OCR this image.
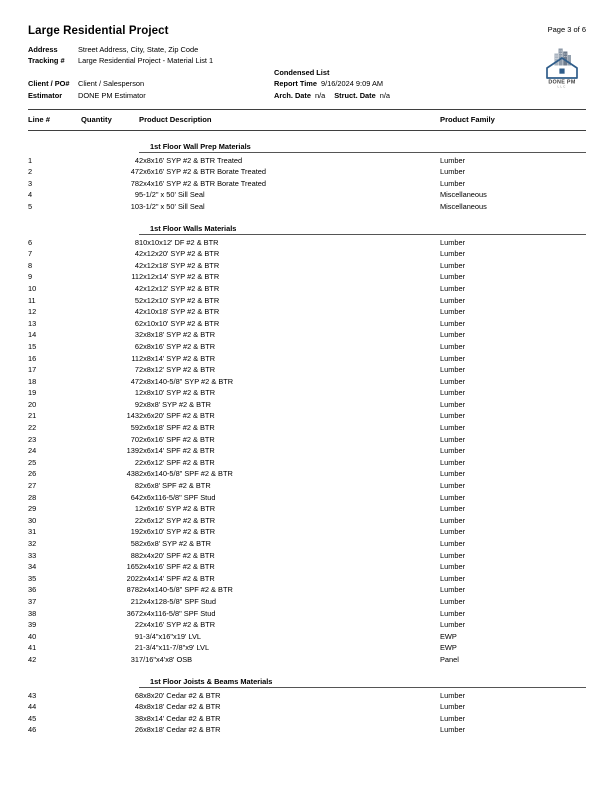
Page 3 of 6
Large Residential Project
DONE PM
LLC
Address	Street Address, City, State, Zip Code
Tracking #	Large Residential Project - Material List 1
Client / PO#	Client / Salesperson
Estimator	DONE PM Estimator
Condensed List
Report Time 9/16/2024 9:09 AM
Arch. Date n/a Struct. Date n/a
Line #	Quantity	Product Description	Product Family

		1st Floor Wall Prep Materials	

1	4	2x8x16' SYP #2 & BTR Treated	Lumber
2	47	2x6x16' SYP #2 & BTR Borate Treated	Lumber
3	78	2x4x16' SYP #2 & BTR Borate Treated	Lumber
4	9	5-1/2" x 50' Sill Seal	Miscellaneous
5	10	3-1/2" x 50' Sill Seal	Miscellaneous

		1st Floor Walls Materials	

6	8	10x10x12' DF #2 & BTR	Lumber
7	4	2x12x20' SYP #2 & BTR	Lumber
8	4	2x12x18' SYP #2 & BTR	Lumber
9	11	2x12x14' SYP #2 & BTR	Lumber
10	4	2x12x12' SYP #2 & BTR	Lumber
11	5	2x12x10' SYP #2 & BTR	Lumber
12	4	2x10x18' SYP #2 & BTR	Lumber
13	6	2x10x10' SYP #2 & BTR	Lumber
14	3	2x8x18' SYP #2 & BTR	Lumber
15	6	2x8x16' SYP #2 & BTR	Lumber
16	11	2x8x14' SYP #2 & BTR	Lumber
17	7	2x8x12' SYP #2 & BTR	Lumber
18	47	2x8x140-5/8" SYP #2 & BTR	Lumber
19	1	2x8x10' SYP #2 & BTR	Lumber
20	9	2x8x8' SYP #2 & BTR	Lumber
21	143	2x6x20' SPF #2 & BTR	Lumber
22	59	2x6x18' SPF #2 & BTR	Lumber
23	70	2x6x16' SPF #2 & BTR	Lumber
24	139	2x6x14' SPF #2 & BTR	Lumber
25	2	2x6x12' SPF #2 & BTR	Lumber
26	438	2x6x140-5/8" SPF #2 & BTR	Lumber
27	8	2x6x8' SPF #2 & BTR	Lumber
28	64	2x6x116-5/8" SPF Stud	Lumber
29	1	2x6x16' SYP #2 & BTR	Lumber
30	2	2x6x12' SYP #2 & BTR	Lumber
31	19	2x6x10' SYP #2 & BTR	Lumber
32	58	2x6x8' SYP #2 & BTR	Lumber
33	88	2x4x20' SPF #2 & BTR	Lumber
34	165	2x4x16' SPF #2 & BTR	Lumber
35	202	2x4x14' SPF #2 & BTR	Lumber
36	878	2x4x140-5/8" SPF #2 & BTR	Lumber
37	21	2x4x128-5/8" SPF Stud	Lumber
38	367	2x4x116-5/8" SPF Stud	Lumber
39	2	2x4x16' SYP #2 & BTR	Lumber
40	9	1-3/4"x16"x19' LVL	EWP
41	2	1-3/4"x11-7/8"x9' LVL	EWP
42	31	7/16"x4'x8' OSB	Panel

		1st Floor Joists & Beams Materials	

43	6	8x8x20' Cedar #2 & BTR	Lumber
44	4	8x8x18' Cedar #2 & BTR	Lumber
45	3	8x8x14' Cedar #2 & BTR	Lumber
46	2	6x8x18' Cedar #2 & BTR	Lumber
